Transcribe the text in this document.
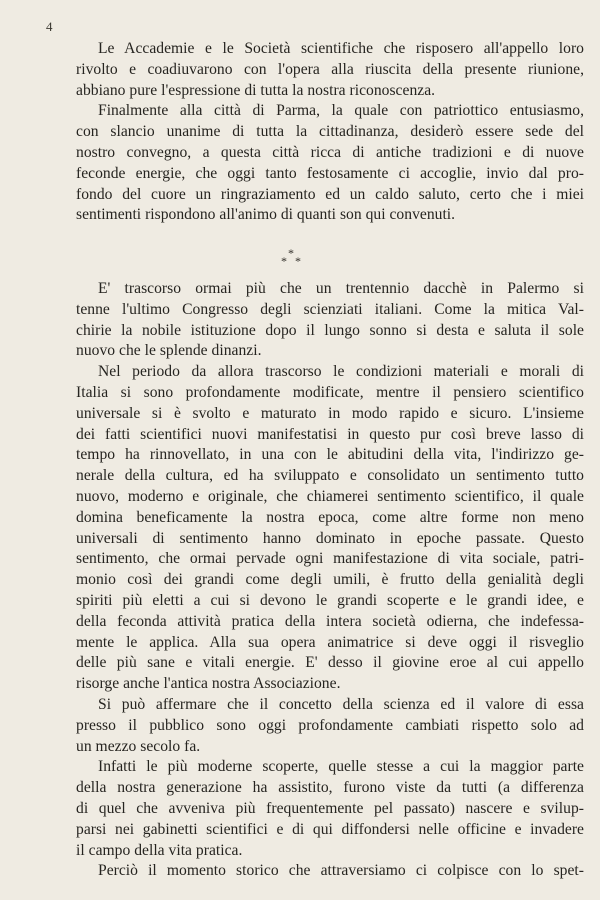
4
Le Accademie e le Società scientifiche che risposero all'appello loro
rivolto e coadiuvarono con l'opera alla riuscita della presente riunione,
abbiano pure l'espressione di tutta la nostra riconoscenza.
Finalmente alla città di Parma, la quale con patriottico entusiasmo,
con slancio unanime di tutta la cittadinanza, desiderò essere sede del
nostro convegno, a questa città ricca di antiche tradizioni e di nuove
feconde energie, che oggi tanto festosamente ci accoglie, invio dal pro-
fondo del cuore un ringraziamento ed un caldo saluto, certo che i miei
sentimenti rispondono all'animo di quanti son qui convenuti.
*
* *
E' trascorso ormai più che un trentennio dacchè in Palermo si
tenne l'ultimo Congresso degli scienziati italiani. Come la mitica Val-
chirie la nobile istituzione dopo il lungo sonno si desta e saluta il sole
nuovo che le splende dinanzi.
Nel periodo da allora trascorso le condizioni materiali e morali di
Italia si sono profondamente modificate, mentre il pensiero scientifico
universale si è svolto e maturato in modo rapido e sicuro. L'insieme
dei fatti scientifici nuovi manifestatisi in questo pur così breve lasso di
tempo ha rinnovellato, in una con le abitudini della vita, l'indirizzo ge-
nerale della cultura, ed ha sviluppato e consolidato un sentimento tutto
nuovo, moderno e originale, che chiamerei sentimento scientifico, il quale
domina beneficamente la nostra epoca, come altre forme non meno
universali di sentimento hanno dominato in epoche passate. Questo
sentimento, che ormai pervade ogni manifestazione di vita sociale, patri-
monio così dei grandi come degli umili, è frutto della genialità degli
spiriti più eletti a cui si devono le grandi scoperte e le grandi idee, e
della feconda attività pratica della intera società odierna, che indefessa-
mente le applica. Alla sua opera animatrice si deve oggi il risveglio
delle più sane e vitali energie. E' desso il giovine eroe al cui appello
risorge anche l'antica nostra Associazione.
Si può affermare che il concetto della scienza ed il valore di essa
presso il pubblico sono oggi profondamente cambiati rispetto solo ad
un mezzo secolo fa.
Infatti le più moderne scoperte, quelle stesse a cui la maggior parte
della nostra generazione ha assistito, furono viste da tutti (a differenza
di quel che avveniva più frequentemente pel passato) nascere e svilup-
parsi nei gabinetti scientifici e di qui diffondersi nelle officine e invadere
il campo della vita pratica.
Perciò il momento storico che attraversiamo ci colpisce con lo spet-
